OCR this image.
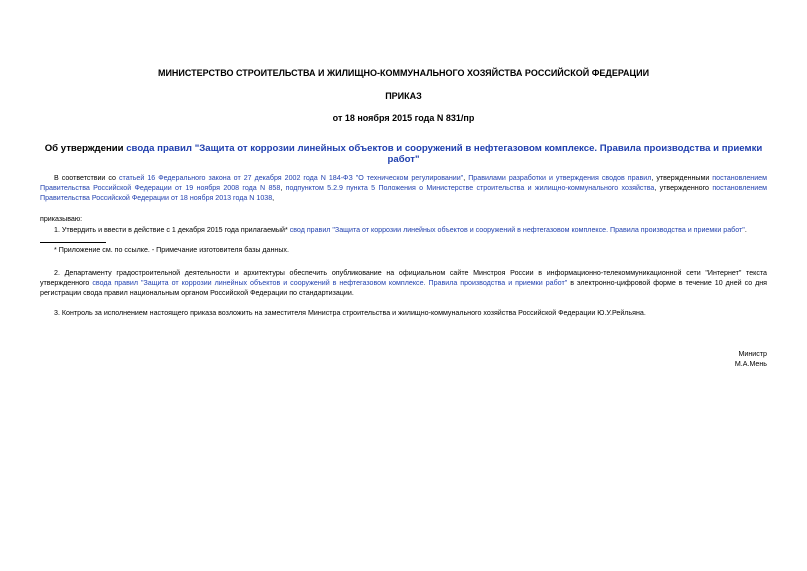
МИНИСТЕРСТВО СТРОИТЕЛЬСТВА И ЖИЛИЩНО-КОММУНАЛЬНОГО ХОЗЯЙСТВА РОССИЙСКОЙ ФЕДЕРАЦИИ
ПРИКАЗ
от 18 ноября 2015 года N 831/пр
Об утверждении свода правил "Защита от коррозии линейных объектов и сооружений в нефтегазовом комплексе. Правила производства и приемки работ"
В соответствии со статьей 16 Федерального закона от 27 декабря 2002 года N 184-ФЗ "О техническом регулировании", Правилами разработки и утверждения сводов правил, утвержденными постановлением Правительства Российской Федерации от 19 ноября 2008 года N 858, подпунктом 5.2.9 пункта 5 Положения о Министерстве строительства и жилищно-коммунального хозяйства, утвержденного постановлением Правительства Российской Федерации от 18 ноября 2013 года N 1038,
приказываю:
1. Утвердить и ввести в действие с 1 декабря 2015 года прилагаемый* свод правил "Защита от коррозии линейных объектов и сооружений в нефтегазовом комплексе. Правила производства и приемки работ".
* Приложение см. по ссылке. - Примечание изготовителя базы данных.
2. Департаменту градостроительной деятельности и архитектуры обеспечить опубликование на официальном сайте Минстроя России в информационно-телекоммуникационной сети "Интернет" текста утвержденного свода правил "Защита от коррозии линейных объектов и сооружений в нефтегазовом комплексе. Правила производства и приемки работ" в электронно-цифровой форме в течение 10 дней со дня регистрации свода правил национальным органом Российской Федерации по стандартизации.
3. Контроль за исполнением настоящего приказа возложить на заместителя Министра строительства и жилищно-коммунального хозяйства Российской Федерации Ю.У.Рейльяна.
Министр
М.А.Мень
